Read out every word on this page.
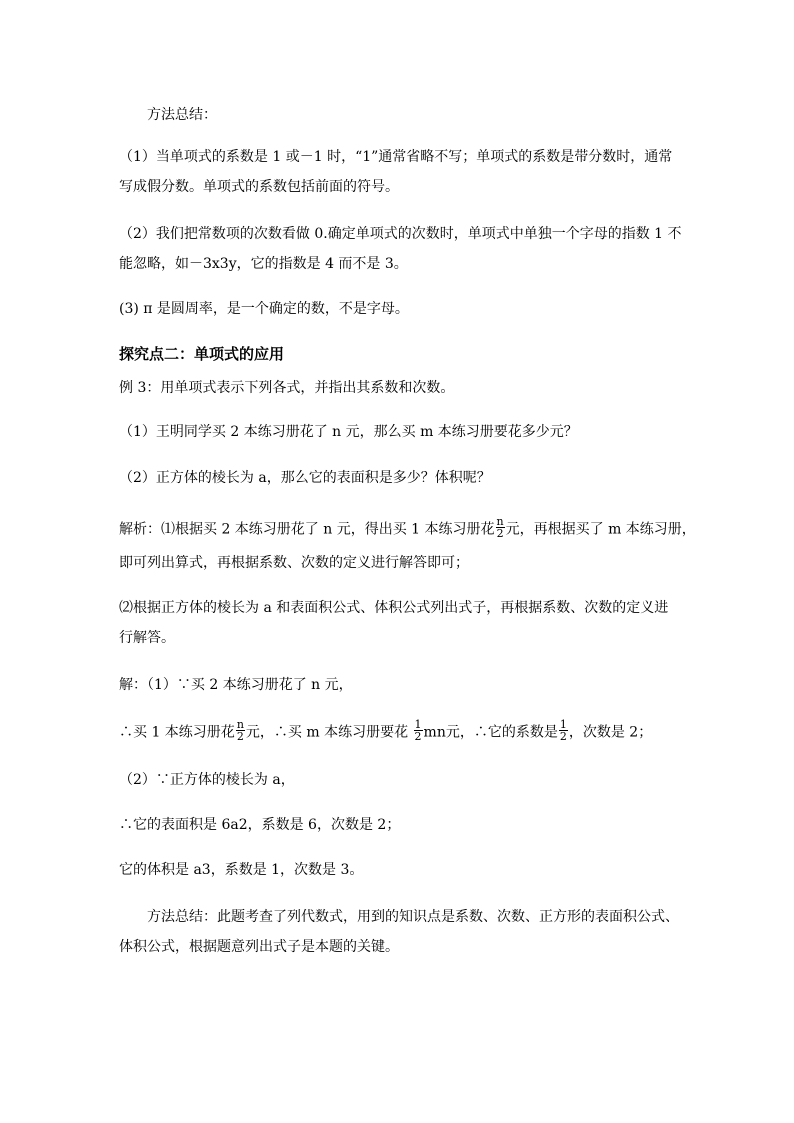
方法总结：
（1）当单项式的系数是 1 或－1 时，“1”通常省略不写；单项式的系数是带分数时，通常
写成假分数。单项式的系数包括前面的符号。
（2）我们把常数项的次数看做 0.确定单项式的次数时，单项式中单独一个字母的指数 1 不
能忽略，如－3x3y，它的指数是 4 而不是 3。
(3) π 是圆周率，是一个确定的数，不是字母。
探究点二：单项式的应用
例 3：用单项式表示下列各式，并指出其系数和次数。
（1）王明同学买 2 本练习册花了 n 元，那么买 m 本练习册要花多少元？
（2）正方体的棱长为 a，那么它的表面积是多少？体积呢？
解析：⑴根据买 2 本练习册花了 n 元，得出买 1 本练习册花 $\frac{n}{2}$ 元，再根据买了 m 本练习册，
即可列出算式，再根据系数、次数的定义进行解答即可；
⑵根据正方体的棱长为 a 和表面积公式、体积公式列出式子，再根据系数、次数的定义进
行解答。
解：（1）∵买 2 本练习册花了 n 元，
∴买 1 本练习册花 $\frac{n}{2}$ 元，∴买 m 本练习册要花 $\frac{1}{2}$ mn元，∴它的系数是 $\frac{1}{2}$ ，次数是 2；
（2）∵正方体的棱长为 a，
∴它的表面积是 6a2，系数是 6，次数是 2；
它的体积是 a3，系数是 1，次数是 3。
方法总结：此题考查了列代数式，用到的知识点是系数、次数、正方形的表面积公式、
体积公式，根据题意列出式子是本题的关键。
